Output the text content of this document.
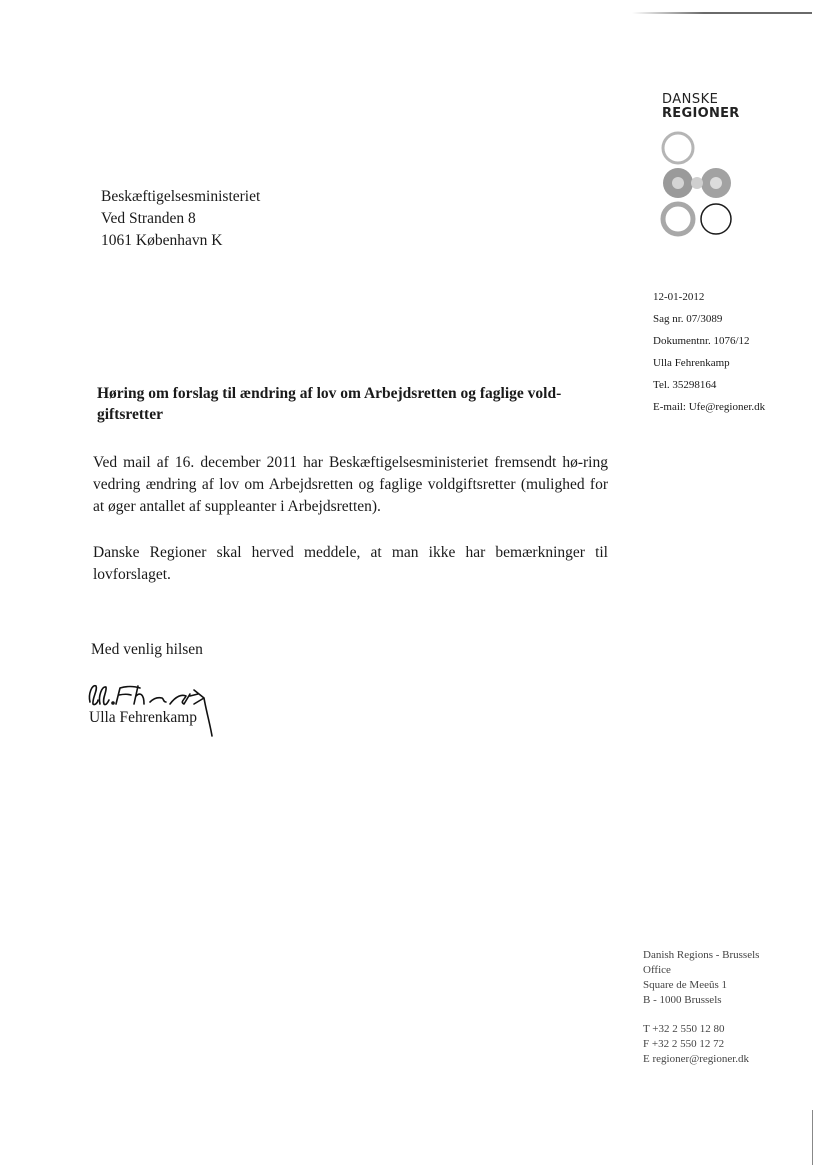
DANSKE
REGIONER
Beskæftigelsesministeriet
Ved Stranden 8
1061 København K
12-01-2012
Sag nr. 07/3089
Dokumentnr. 1076/12
Ulla Fehrenkamp
Tel. 35298164
E-mail: Ufe@regioner.dk
Høring om forslag til ændring af lov om Arbejdsretten og faglige vold-giftsretter
Ved mail af 16. december 2011 har Beskæftigelsesministeriet fremsendt hø-ring vedring ændring af lov om Arbejdsretten og faglige voldgiftsretter (mulighed for at øger antallet af suppleanter i Arbejdsretten).
Danske Regioner skal herved meddele, at man ikke har bemærkninger til lovforslaget.
Med venlig hilsen
Ulla Fehrenkamp
Danish Regions - Brussels
Office
Square de Meeûs 1
B - 1000 Brussels
T +32 2 550 12 80
F +32 2 550 12 72
E regioner@regioner.dk
